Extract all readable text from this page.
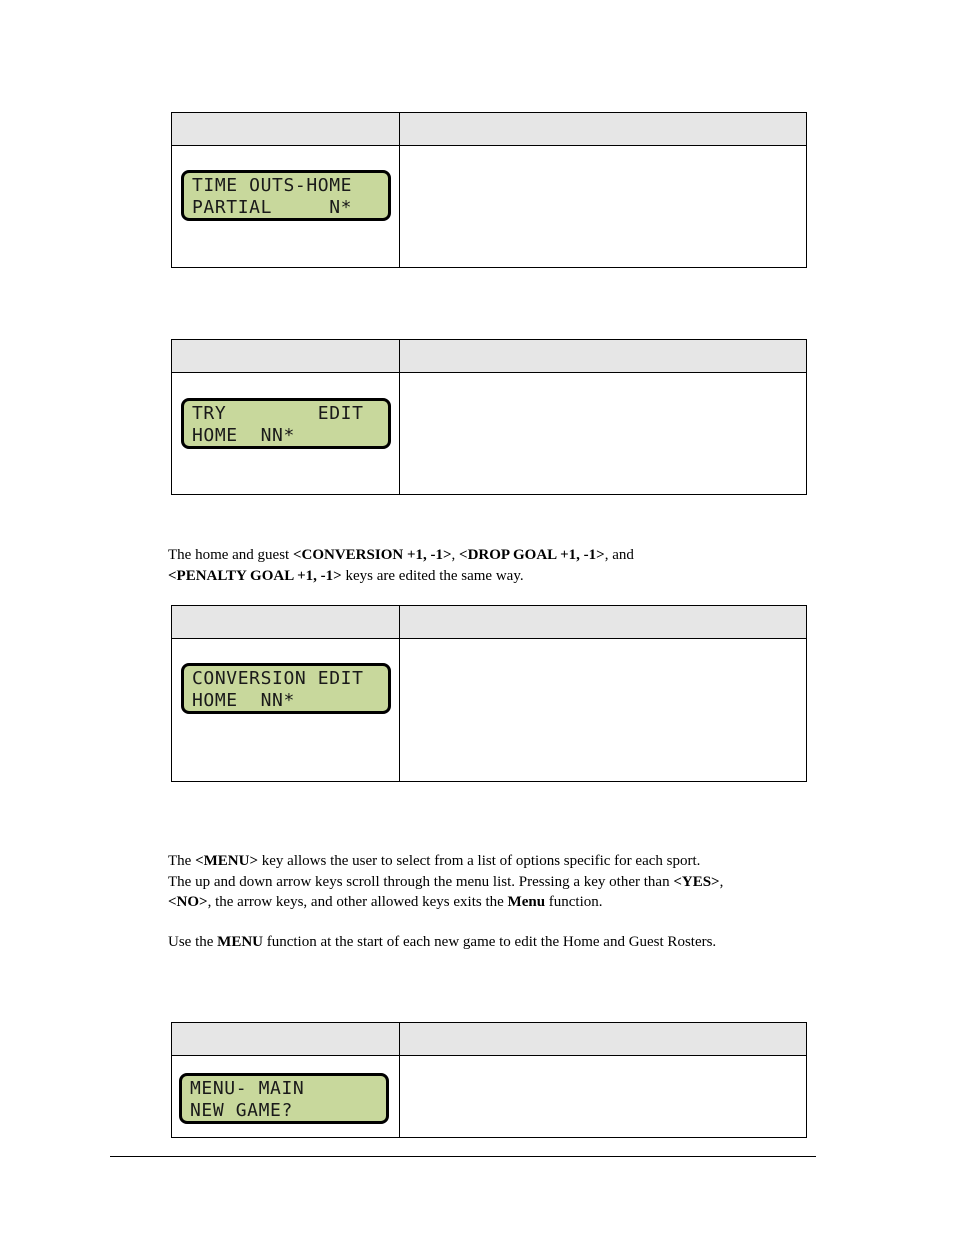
TIME OUTS-HOME
PARTIAL     N*
TRY        EDIT
HOME  NN*
The home and guest <CONVERSION +1, -1>, <DROP GOAL +1, -1>, and
<PENALTY GOAL +1, -1> keys are edited the same way.
CONVERSION EDIT
HOME  NN*
The <MENU> key allows the user to select from a list of options specific for each sport.
The up and down arrow keys scroll through the menu list. Pressing a key other than <YES>,
<NO>, the arrow keys, and other allowed keys exits the Menu function.
Use the MENU function at the start of each new game to edit the Home and Guest Rosters.
MENU- MAIN
NEW GAME?
